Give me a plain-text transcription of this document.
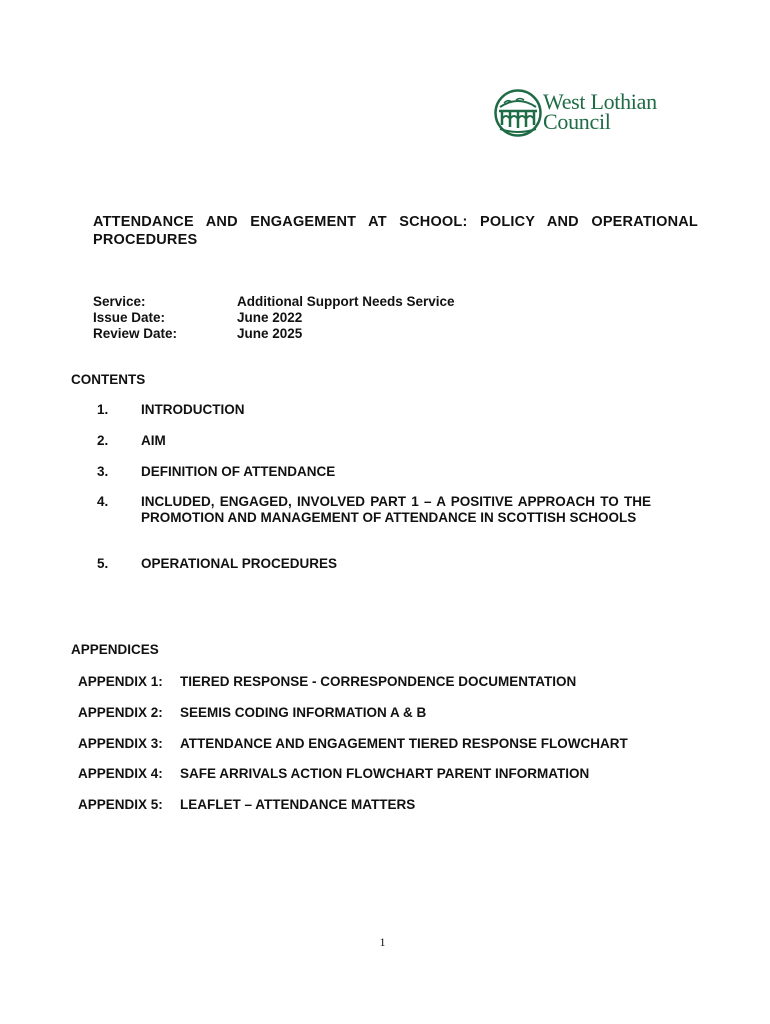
West Lothian
Council
ATTENDANCE AND ENGAGEMENT AT SCHOOL: POLICY AND OPERATIONAL PROCEDURES
Service:	Additional Support Needs Service
Issue Date:	June 2022
Review Date:	June 2025
CONTENTS
1.	INTRODUCTION
2.	AIM
3.	DEFINITION OF ATTENDANCE
4.	INCLUDED, ENGAGED, INVOLVED PART 1 – A POSITIVE APPROACH TO THE PROMOTION AND MANAGEMENT OF ATTENDANCE IN SCOTTISH SCHOOLS
5.	OPERATIONAL PROCEDURES
APPENDICES
APPENDIX 1:	TIERED RESPONSE - CORRESPONDENCE DOCUMENTATION
APPENDIX 2:	SEEMIS CODING INFORMATION A & B
APPENDIX 3:	ATTENDANCE AND ENGAGEMENT TIERED RESPONSE FLOWCHART
APPENDIX 4:	SAFE ARRIVALS ACTION FLOWCHART PARENT INFORMATION
APPENDIX 5:	LEAFLET – ATTENDANCE MATTERS
1
